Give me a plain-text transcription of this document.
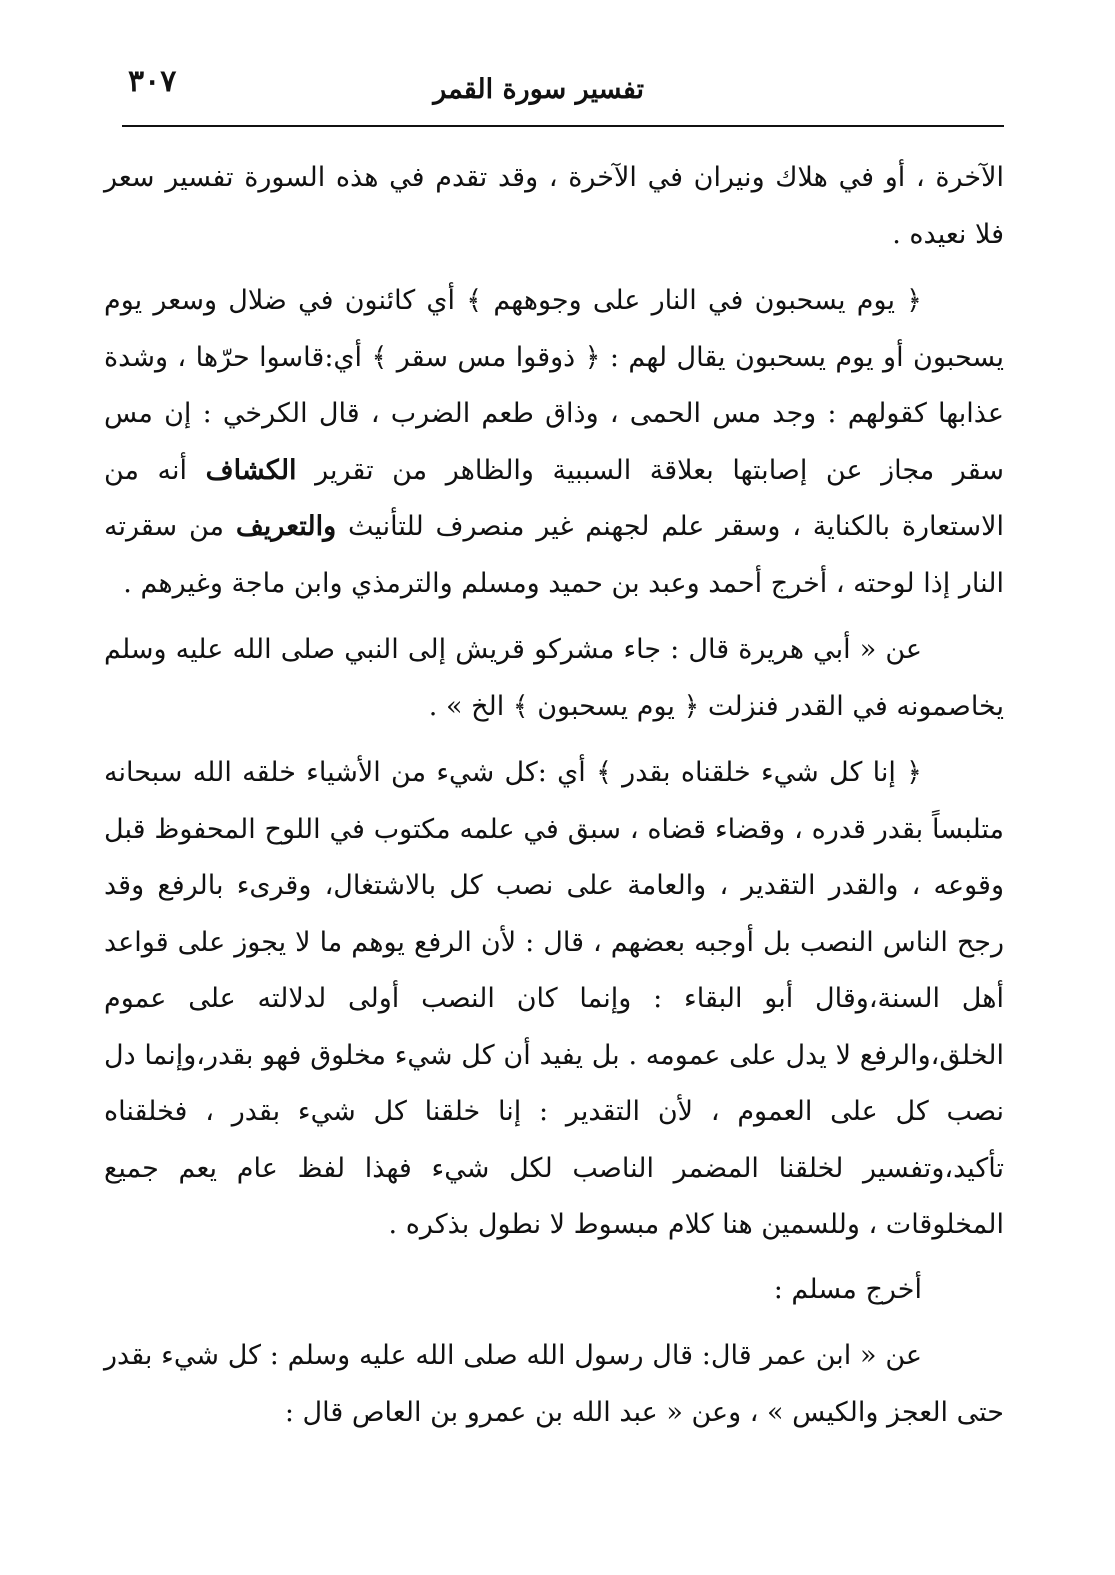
٣٠٧	تفسير سورة القمر

الآخرة ، أو في هلاك ونيران في الآخرة ، وقد تقدم في هذه السورة تفسير سعر فلا نعيده .

﴿ يوم يسحبون في النار على وجوههم ﴾ أي كائنون في ضلال وسعر يوم يسحبون أو يوم يسحبون يقال لهم : ﴿ ذوقوا مس سقر ﴾ أي:قاسوا حرّها ، وشدة عذابها كقولهم : وجد مس الحمى ، وذاق طعم الضرب ، قال الكرخي : إن مس سقر مجاز عن إصابتها بعلاقة السببية والظاهر من تقرير الكشاف أنه من الاستعارة بالكناية ، وسقر علم لجهنم غير منصرف للتأنيث والتعريف من سقرته النار إذا لوحته ، أخرج أحمد وعبد بن حميد ومسلم والترمذي وابن ماجة وغيرهم .

عن « أبي هريرة قال : جاء مشركو قريش إلى النبي صلى الله عليه وسلم يخاصمونه في القدر فنزلت ﴿ يوم يسحبون ﴾ الخ » .

﴿ إنا كل شيء خلقناه بقدر ﴾ أي :كل شيء من الأشياء خلقه الله سبحانه متلبساً بقدر قدره ، وقضاء قضاه ، سبق في علمه مكتوب في اللوح المحفوظ قبل وقوعه ، والقدر التقدير ، والعامة على نصب كل بالاشتغال، وقرىء بالرفع وقد رجح الناس النصب بل أوجبه بعضهم ، قال : لأن الرفع يوهم ما لا يجوز على قواعد أهل السنة،وقال أبو البقاء : وإنما كان النصب أولى لدلالته على عموم الخلق،والرفع لا يدل على عمومه . بل يفيد أن كل شيء مخلوق فهو بقدر،وإنما دل نصب كل على العموم ، لأن التقدير : إنا خلقنا كل شيء بقدر ، فخلقناه تأكيد،وتفسير لخلقنا المضمر الناصب لكل شيء فهذا لفظ عام يعم جميع المخلوقات ، وللسمين هنا كلام مبسوط لا نطول بذكره .

أخرج مسلم :

عن « ابن عمر قال: قال رسول الله صلى الله عليه وسلم : كل شيء بقدر حتى العجز والكيس » ، وعن « عبد الله بن عمرو بن العاص قال :
